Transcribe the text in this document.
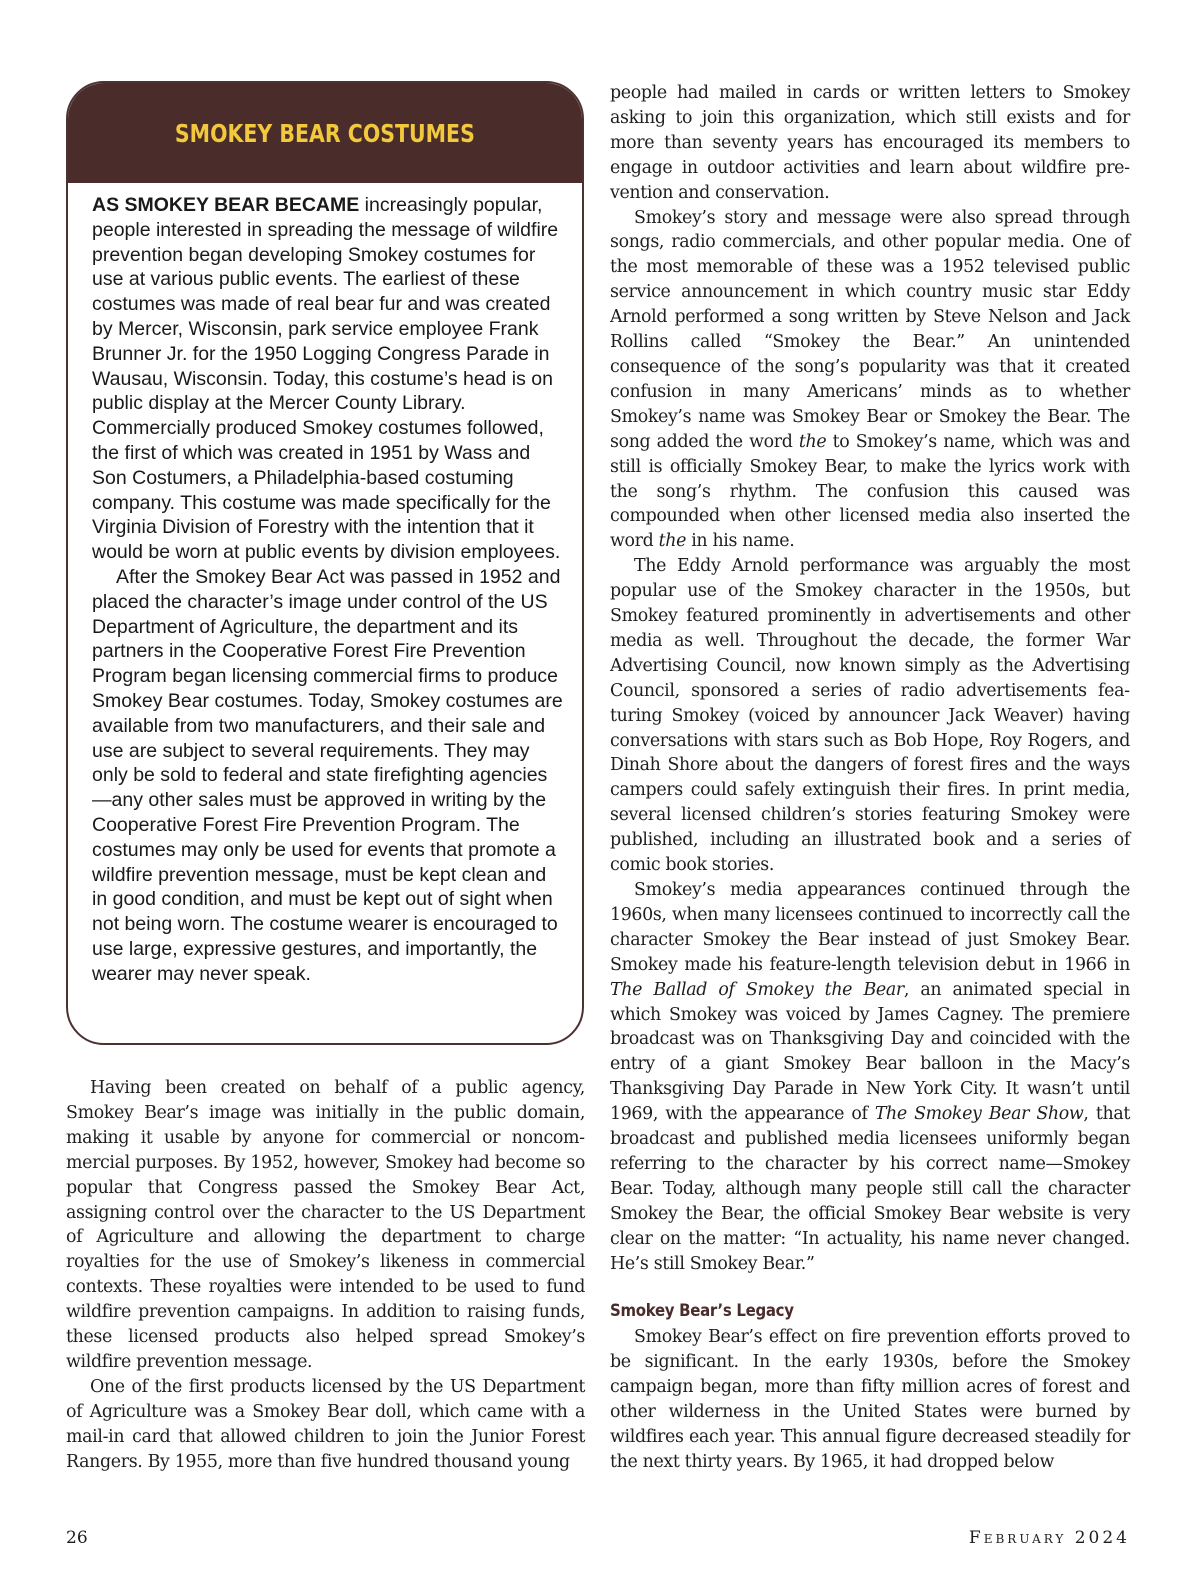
SMOKEY BEAR COSTUMES

AS SMOKEY BEAR BECAME increasingly popular, people interested in spreading the message of wildfire prevention began developing Smokey costumes for use at various public events. The earliest of these costumes was made of real bear fur and was created by Mercer, Wisconsin, park service employee Frank Brunner Jr. for the 1950 Logging Congress Parade in Wausau, Wisconsin. Today, this costume’s head is on public display at the Mercer County Library. Commercially produced Smokey costumes followed, the first of which was created in 1951 by Wass and Son Costumers, a Philadelphia-based costuming company. This costume was made specifically for the Virginia Division of Forestry with the intention that it would be worn at public events by division employees.

After the Smokey Bear Act was passed in 1952 and placed the character’s image under control of the US Department of Agriculture, the department and its partners in the Cooperative Forest Fire Prevention Program began licensing commercial firms to produce Smokey Bear costumes. Today, Smokey costumes are available from two manufacturers, and their sale and use are subject to several requirements. They may only be sold to federal and state firefighting agencies—any other sales must be approved in writing by the Cooperative Forest Fire Prevention Program. The costumes may only be used for events that promote a wildfire prevention message, must be kept clean and in good condition, and must be kept out of sight when not being worn. The costume wearer is encouraged to use large, expressive gestures, and importantly, the wearer may never speak.

Having been created on behalf of a public agency, Smokey Bear’s image was initially in the public domain, making it usable by anyone for commercial or noncommercial purposes. By 1952, however, Smokey had become so popular that Congress passed the Smokey Bear Act, assigning control over the character to the US Department of Agriculture and allowing the department to charge royalties for the use of Smokey’s likeness in commercial contexts. These royalties were intended to be used to fund wildfire prevention campaigns. In addition to raising funds, these licensed products also helped spread Smokey’s wildfire prevention message.

One of the first products licensed by the US Department of Agriculture was a Smokey Bear doll, which came with a mail-in card that allowed children to join the Junior Forest Rangers. By 1955, more than five hundred thousand young

people had mailed in cards or written letters to Smokey asking to join this organization, which still exists and for more than seventy years has encouraged its members to engage in outdoor activities and learn about wildfire prevention and conservation.

Smokey’s story and message were also spread through songs, radio commercials, and other popular media. One of the most memorable of these was a 1952 televised public service announcement in which country music star Eddy Arnold performed a song written by Steve Nelson and Jack Rollins called “Smokey the Bear.” An unintended consequence of the song’s popularity was that it created confusion in many Americans’ minds as to whether Smokey’s name was Smokey Bear or Smokey the Bear. The song added the word the to Smokey’s name, which was and still is officially Smokey Bear, to make the lyrics work with the song’s rhythm. The confusion this caused was compounded when other licensed media also inserted the word the in his name.

The Eddy Arnold performance was arguably the most popular use of the Smokey character in the 1950s, but Smokey featured prominently in advertisements and other media as well. Throughout the decade, the former War Advertising Council, now known simply as the Advertising Council, sponsored a series of radio advertisements featuring Smokey (voiced by announcer Jack Weaver) having conversations with stars such as Bob Hope, Roy Rogers, and Dinah Shore about the dangers of forest fires and the ways campers could safely extinguish their fires. In print media, several licensed children’s stories featuring Smokey were published, including an illustrated book and a series of comic book stories.

Smokey’s media appearances continued through the 1960s, when many licensees continued to incorrectly call the character Smokey the Bear instead of just Smokey Bear. Smokey made his feature-length television debut in 1966 in The Ballad of Smokey the Bear, an animated special in which Smokey was voiced by James Cagney. The premiere broadcast was on Thanksgiving Day and coincided with the entry of a giant Smokey Bear balloon in the Macy’s Thanksgiving Day Parade in New York City. It wasn’t until 1969, with the appearance of The Smokey Bear Show, that broadcast and published media licensees uniformly began referring to the character by his correct name—Smokey Bear. Today, although many people still call the character Smokey the Bear, the official Smokey Bear website is very clear on the matter: “In actuality, his name never changed. He’s still Smokey Bear.”

Smokey Bear’s Legacy

Smokey Bear’s effect on fire prevention efforts proved to be significant. In the early 1930s, before the Smokey campaign began, more than fifty million acres of forest and other wilderness in the United States were burned by wildfires each year. This annual figure decreased steadily for the next thirty years. By 1965, it had dropped below

26	February 2024
